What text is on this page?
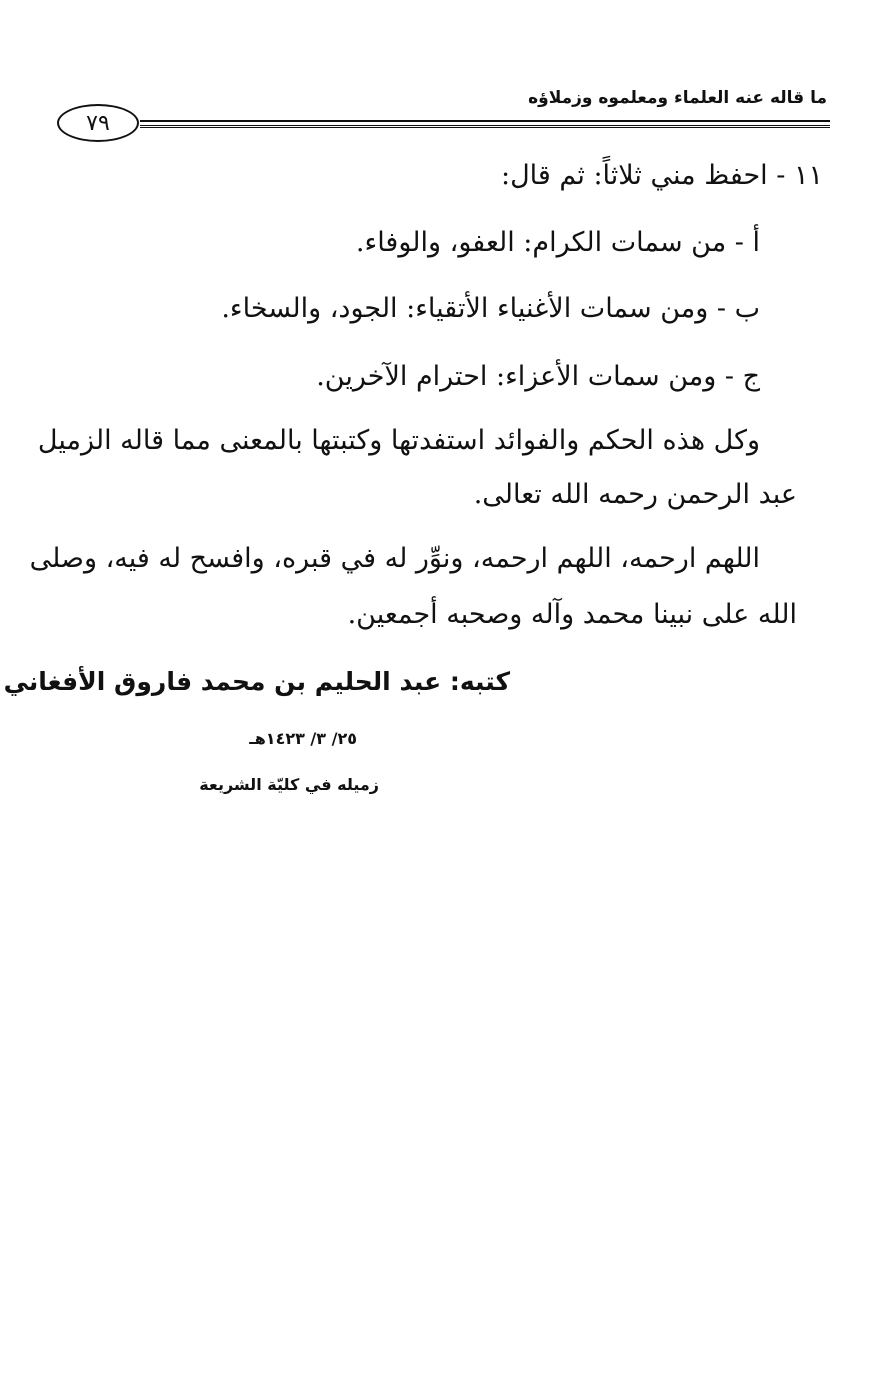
ما قاله عنه العلماء ومعلموه وزملاؤه
٧٩
١١ - احفظ مني ثلاثاً: ثم قال:
أ - من سمات الكرام: العفو، والوفاء.
ب - ومن سمات الأغنياء الأتقياء: الجود، والسخاء.
ج - ومن سمات الأعزاء: احترام الآخرين.
وكل هذه الحكم والفوائد استفدتها وكتبتها بالمعنى مما قاله الزميل
عبد الرحمن رحمه الله تعالى.
اللهم ارحمه، اللهم ارحمه، ونوِّر له في قبره، وافسح له فيه، وصلى
الله على نبينا محمد وآله وصحبه أجمعين.
كتبه: عبد الحليم بن محمد فاروق الأفغاني
٢٥/ ٣/ ١٤٢٣هـ
زميله في كليّة الشريعة
